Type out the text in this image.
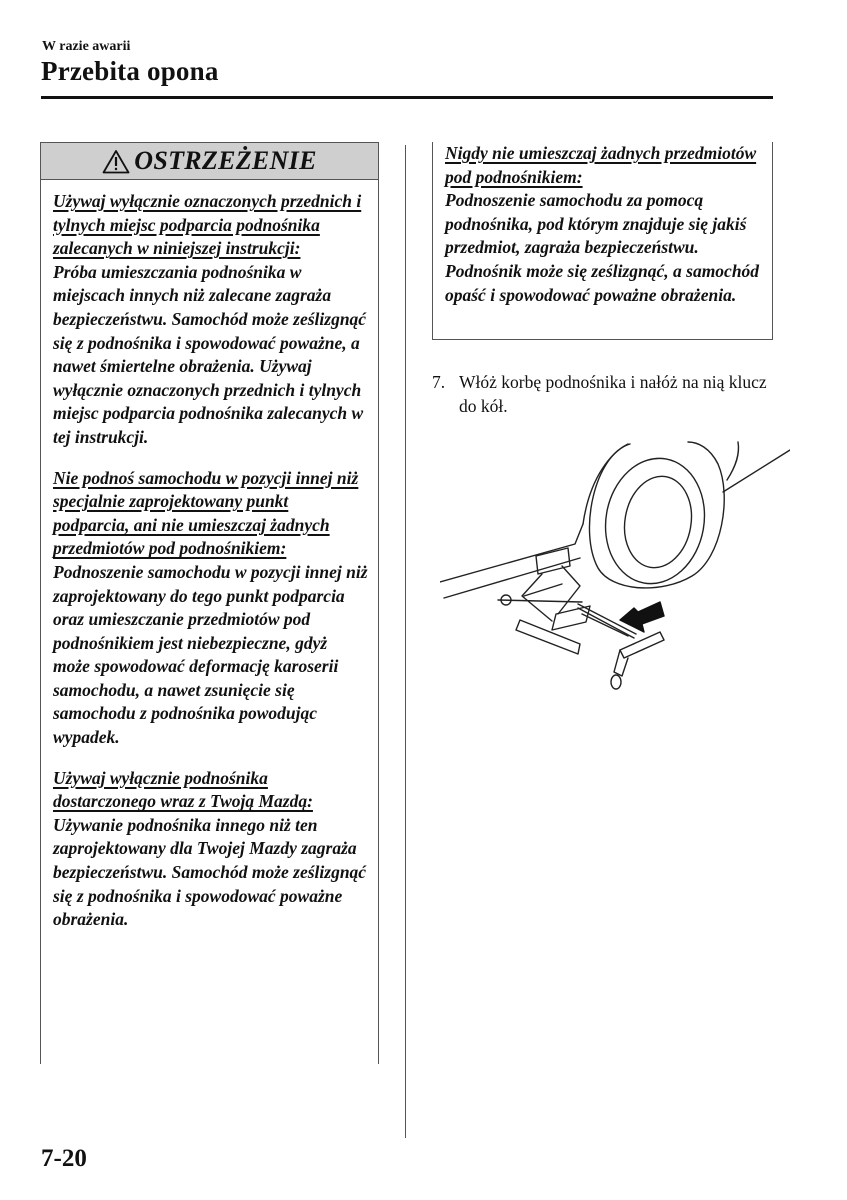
W razie awarii
Przebita opona
OSTRZEŻENIE
Używaj wyłącznie oznaczonych przednich i tylnych miejsc podparcia podnośnika zalecanych w niniejszej instrukcji:
Próba umieszczania podnośnika w miejscach innych niż zalecane zagraża bezpieczeństwu. Samochód może ześlizgnąć się z podnośnika i spowodować poważne, a nawet śmiertelne obrażenia. Używaj wyłącznie oznaczonych przednich i tylnych miejsc podparcia podnośnika zalecanych w tej instrukcji.
Nie podnoś samochodu w pozycji innej niż specjalnie zaprojektowany punkt podparcia, ani nie umieszczaj żadnych przedmiotów pod podnośnikiem:
Podnoszenie samochodu w pozycji innej niż zaprojektowany do tego punkt podparcia oraz umieszczanie przedmiotów pod podnośnikiem jest niebezpieczne, gdyż może spowodować deformację karoserii samochodu, a nawet zsunięcie się samochodu z podnośnika powodując wypadek.
Używaj wyłącznie podnośnika dostarczonego wraz z Twoją Mazdą:
Używanie podnośnika innego niż ten zaprojektowany dla Twojej Mazdy zagraża bezpieczeństwu. Samochód może ześlizgnąć się z podnośnika i spowodować poważne obrażenia.
Nigdy nie umieszczaj żadnych przedmiotów pod podnośnikiem:
Podnoszenie samochodu za pomocą podnośnika, pod którym znajduje się jakiś przedmiot, zagraża bezpieczeństwu. Podnośnik może się ześlizgnąć, a samochód opaść i spowodować poważne obrażenia.
7. Włóż korbę podnośnika i nałóż na nią klucz do kół.
7-20
